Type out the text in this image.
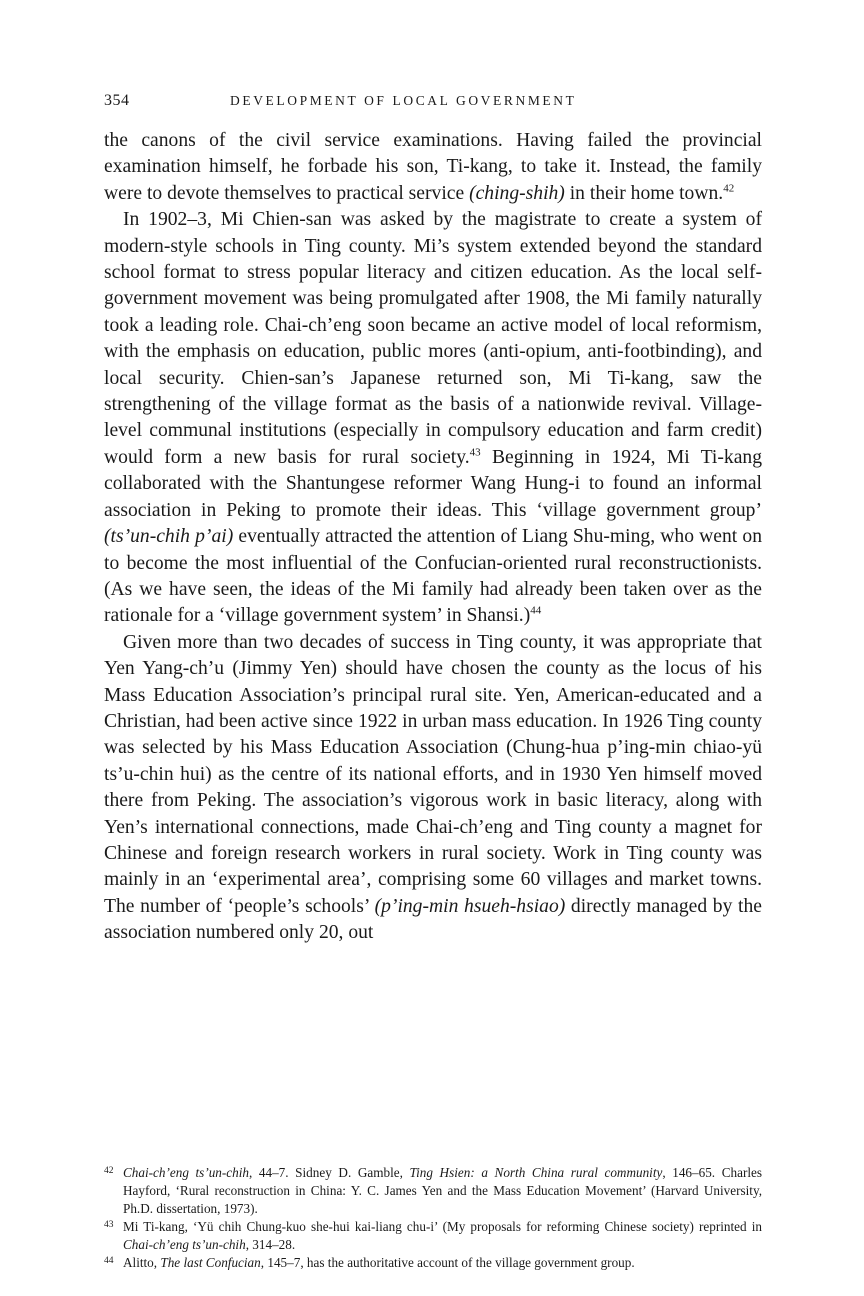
354	DEVELOPMENT OF LOCAL GOVERNMENT

the canons of the civil service examinations. Having failed the provincial examination himself, he forbade his son, Ti-kang, to take it. Instead, the family were to devote themselves to practical service (ching-shih) in their home town.$^{42}$

In 1902–3, Mi Chien-san was asked by the magistrate to create a system of modern-style schools in Ting county. Mi’s system extended beyond the standard school format to stress popular literacy and citizen education. As the local self-government movement was being promulgated after 1908, the Mi family naturally took a leading role. Chai-ch’eng soon became an active model of local reformism, with the emphasis on education, public mores (anti-opium, anti-footbinding), and local security. Chien-san’s Japanese returned son, Mi Ti-kang, saw the strengthening of the village format as the basis of a nationwide revival. Village-level communal institutions (especially in compulsory education and farm credit) would form a new basis for rural society.$^{43}$ Beginning in 1924, Mi Ti-kang collaborated with the Shantungese reformer Wang Hung-i to found an informal association in Peking to promote their ideas. This ‘village government group’ (ts’un-chih p’ai) eventually attracted the attention of Liang Shu-ming, who went on to become the most influential of the Confucian-oriented rural reconstructionists. (As we have seen, the ideas of the Mi family had already been taken over as the rationale for a ‘village government system’ in Shansi.)$^{44}$

Given more than two decades of success in Ting county, it was appropriate that Yen Yang-ch’u (Jimmy Yen) should have chosen the county as the locus of his Mass Education Association’s principal rural site. Yen, American-educated and a Christian, had been active since 1922 in urban mass education. In 1926 Ting county was selected by his Mass Education Association (Chung-hua p’ing-min chiao-yü ts’u-chin hui) as the centre of its national efforts, and in 1930 Yen himself moved there from Peking. The association’s vigorous work in basic literacy, along with Yen’s international connections, made Chai-ch’eng and Ting county a magnet for Chinese and foreign research workers in rural society. Work in Ting county was mainly in an ‘experimental area’, comprising some 60 villages and market towns. The number of ‘people’s schools’ (p’ing-min hsueh-hsiao) directly managed by the association numbered only 20, out

42 Chai-ch’eng ts’un-chih, 44–7. Sidney D. Gamble, Ting Hsien: a North China rural community, 146–65. Charles Hayford, ‘Rural reconstruction in China: Y. C. James Yen and the Mass Education Movement’ (Harvard University, Ph.D. dissertation, 1973).

43 Mi Ti-kang, ‘Yü chih Chung-kuo she-hui kai-liang chu-i’ (My proposals for reforming Chinese society) reprinted in Chai-ch’eng ts’un-chih, 314–28.

44 Alitto, The last Confucian, 145–7, has the authoritative account of the village government group.
